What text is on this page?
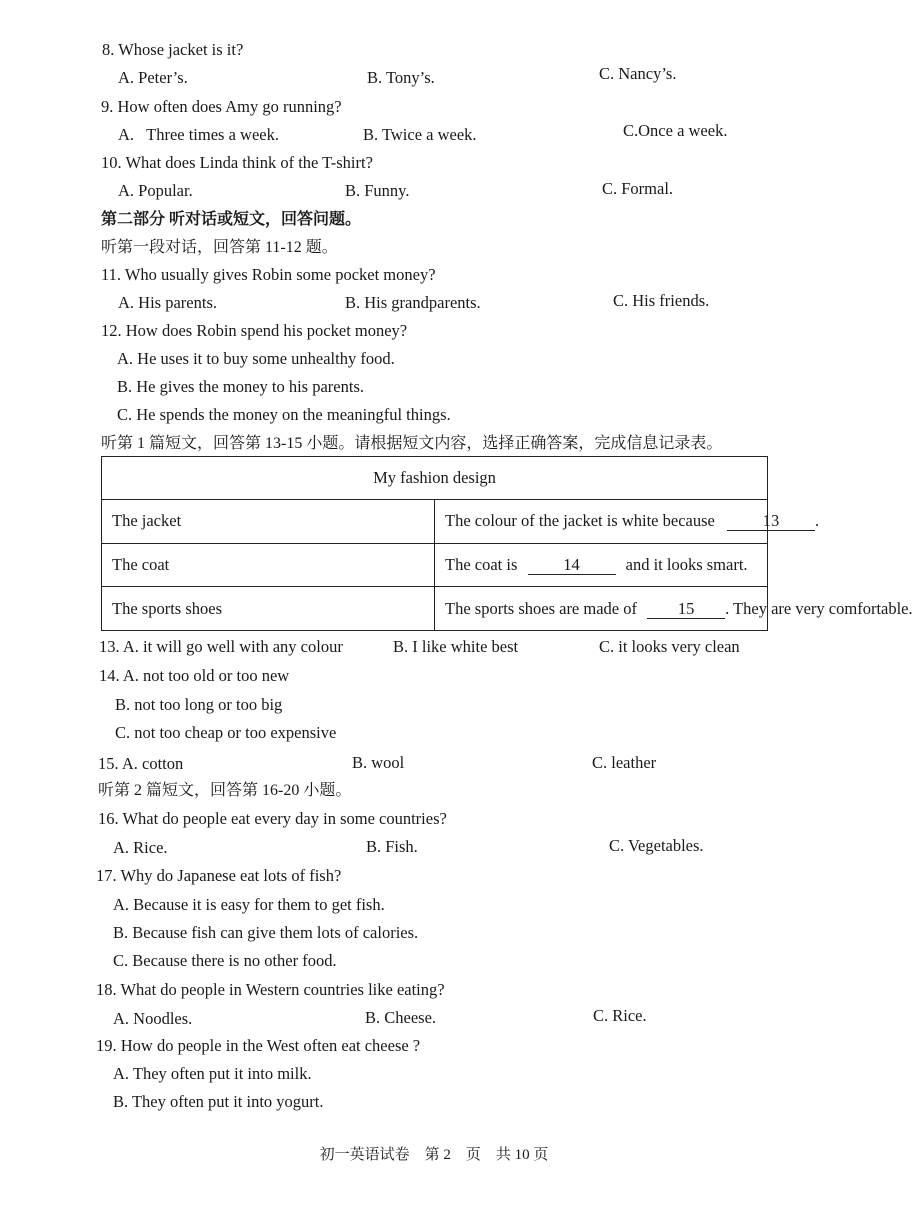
8. Whose jacket is it?
A. Peter’s.	B. Tony’s.	C. Nancy’s.
9. How often does Amy go running?
A.   Three times a week.	B. Twice a week.	C.Once a week.
10. What does Linda think of the T-shirt?
A. Popular.	B. Funny.	C. Formal.
第二部分 听对话或短文，回答问题。
听第一段对话，回答第 11-12 题。
11. Who usually gives Robin some pocket money?
A. His parents.	B. His grandparents.	C. His friends.
12. How does Robin spend his pocket money?
A. He uses it to buy some unhealthy food.
B. He gives the money to his parents.
C. He spends the money on the meaningful things.
听第 1 篇短文，回答第 13-15 小题。请根据短文内容，选择正确答案，完成信息记录表。
My fashion design	
The jacket	The colour of the jacket is white because 13 .
The coat	The coat is 14 and it looks smart.
The sports shoes	The sports shoes are made of 15 . They are very comfortable.
13. A. it will go well with any colour	B. I like white best	C. it looks very clean
14. A. not too old or too new
B. not too long or too big
C. not too cheap or too expensive
15. A. cotton	B. wool	C. leather
听第 2 篇短文，回答第 16-20 小题。
16. What do people eat every day in some countries?
A. Rice.	B. Fish.	C. Vegetables.
17. Why do Japanese eat lots of fish?
A. Because it is easy for them to get fish.
B. Because fish can give them lots of calories.
C. Because there is no other food.
18. What do people in Western countries like eating?
A. Noodles.	B. Cheese.	C. Rice.
19. How do people in the West often eat cheese ?
A. They often put it into milk.
B. They often put it into yogurt.
初一英语试卷    第 2    页    共 10 页
